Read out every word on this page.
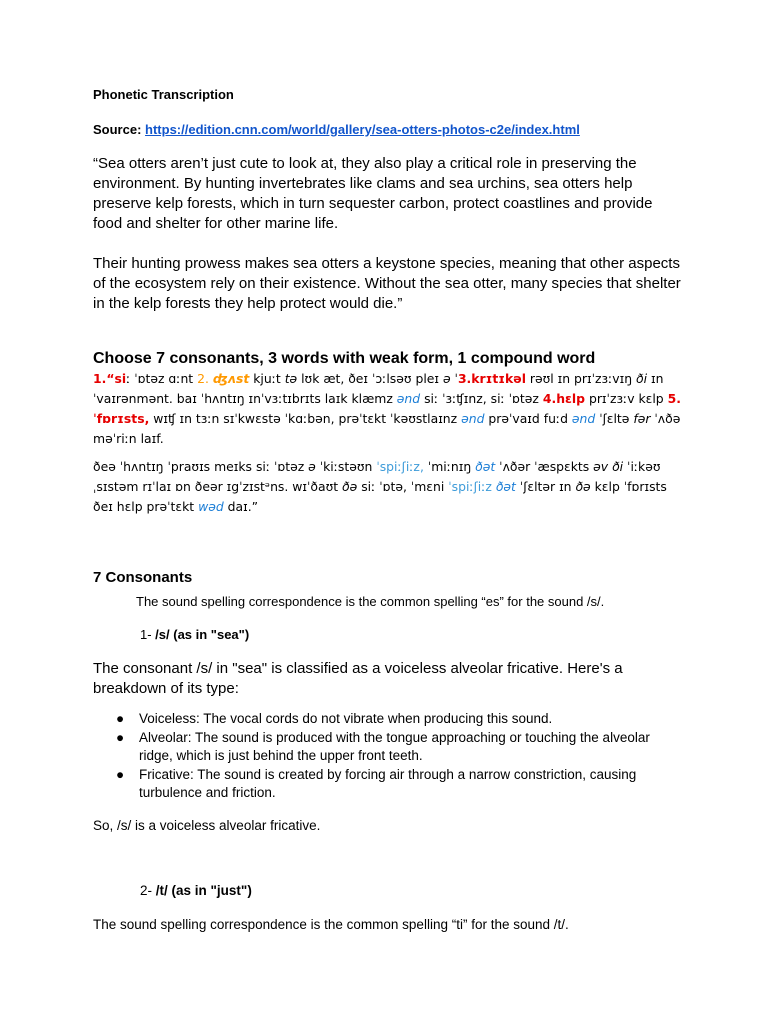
Phonetic Transcription
Source: https://edition.cnn.com/world/gallery/sea-otters-photos-c2e/index.html

“Sea otters aren’t just cute to look at, they also play a critical role in preserving the environment. By hunting invertebrates like clams and sea urchins, sea otters help preserve kelp forests, which in turn sequester carbon, protect coastlines and provide food and shelter for other marine life.

Their hunting prowess makes sea otters a keystone species, meaning that other aspects of the ecosystem rely on their existence. Without the sea otter, many species that shelter in the kelp forests they help protect would die.”

Choose 7 consonants, 3 words with weak form, 1 compound word
1.“siː ˈɒtəz ɑːnt 2. ʤʌst kjuːt tə lʊk æt, ðeɪ ˈɔːlsəʊ pleɪ ə ˈ3.krɪtɪkəl rəʊl ɪn prɪˈzɜːvɪŋ ði ɪnˈvaɪrənmənt. baɪ ˈhʌntɪŋ ɪnˈvɜːtɪbrɪts laɪk klæmz ənd siː ˈɜːʧɪnz, siː ˈɒtəz 4.hɛlp prɪˈzɜːv kɛlp 5.ˈfɒrɪsts, wɪʧ ɪn tɜːn sɪˈkwɛstə ˈkɑːbən, prəˈtɛkt ˈkəʊstlaɪnz ənd prəˈvaɪd fuːd ənd ˈʃɛltə fər ˈʌðə məˈriːn laɪf.
ðeə ˈhʌntɪŋ ˈpraʊɪs meɪks siː ˈɒtəz ə ˈkiːstəʊn ˈspiːʃiːz, ˈmiːnɪŋ ðət ˈʌðər ˈæspɛkts əv ði ˈiːkəʊˌsɪstəm rɪˈlaɪ ɒn ðeər ɪgˈzɪstᵊns. wɪˈðaʊt ðə siː ˈɒtə, ˈmɛni ˈspiːʃiːz ðət ˈʃɛltər ɪn ðə kɛlp ˈfɒrɪsts ðeɪ hɛlp prəˈtɛkt wəd daɪ.”
7 Consonants
The sound spelling correspondence is the common spelling “es” for the sound /s/.
1- /s/ (as in "sea")
The consonant /s/ in "sea" is classified as a voiceless alveolar fricative. Here's a breakdown of its type:
● Voiceless: The vocal cords do not vibrate when producing this sound.
● Alveolar: The sound is produced with the tongue approaching or touching the alveolar ridge, which is just behind the upper front teeth.
● Fricative: The sound is created by forcing air through a narrow constriction, causing turbulence and friction.
So, /s/ is a voiceless alveolar fricative.
2- /t/ (as in "just")
The sound spelling correspondence is the common spelling “ti” for the sound /t/.
